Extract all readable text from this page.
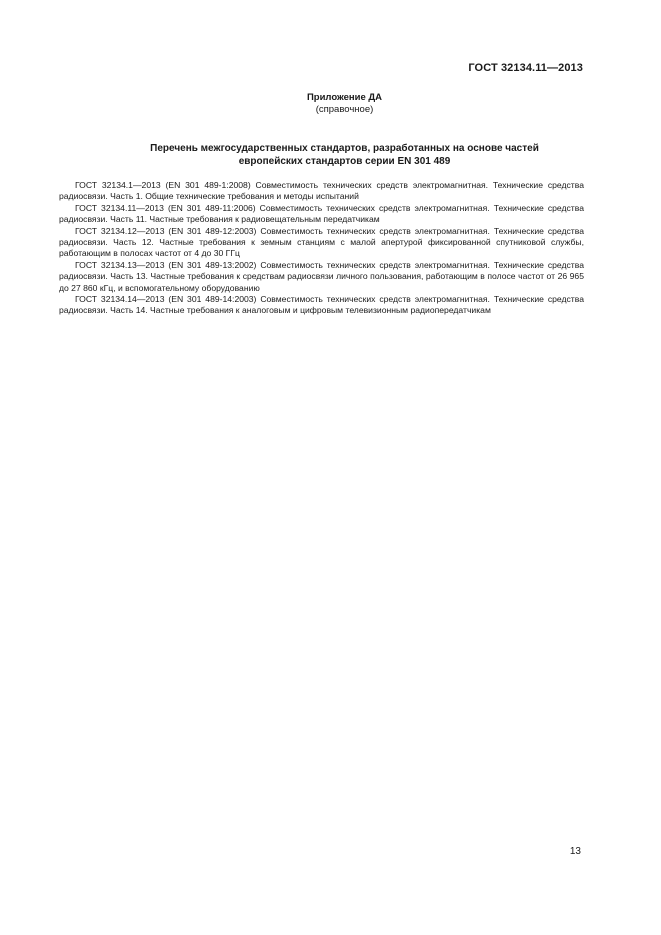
ГОСТ 32134.11—2013
Приложение ДА
(справочное)
Перечень межгосударственных стандартов, разработанных на основе частей
европейских стандартов серии EN 301 489

ГОСТ 32134.1—2013 (EN 301 489-1:2008) Совместимость технических средств электромагнитная. Технические средства радиосвязи. Часть 1. Общие технические требования и методы испытаний

ГОСТ 32134.11—2013 (EN 301 489-11:2006) Совместимость технических средств электромагнитная. Технические средства радиосвязи. Часть 11. Частные требования к радиовещательным передатчикам

ГОСТ 32134.12—2013 (EN 301 489-12:2003) Совместимость технических средств электромагнитная. Технические средства радиосвязи. Часть 12. Частные требования к земным станциям с малой апертурой фиксированной спутниковой службы, работающим в полосах частот от 4 до 30 ГГц

ГОСТ 32134.13—2013 (EN 301 489-13:2002) Совместимость технических средств электромагнитная. Технические средства радиосвязи. Часть 13. Частные требования к средствам радиосвязи личного пользования, работающим в полосе частот от 26 965 до 27 860 кГц, и вспомогательному оборудованию

ГОСТ 32134.14—2013 (EN 301 489-14:2003) Совместимость технических средств электромагнитная. Технические средства радиосвязи. Часть 14. Частные требования к аналоговым и цифровым телевизионным радиопередатчикам

13
